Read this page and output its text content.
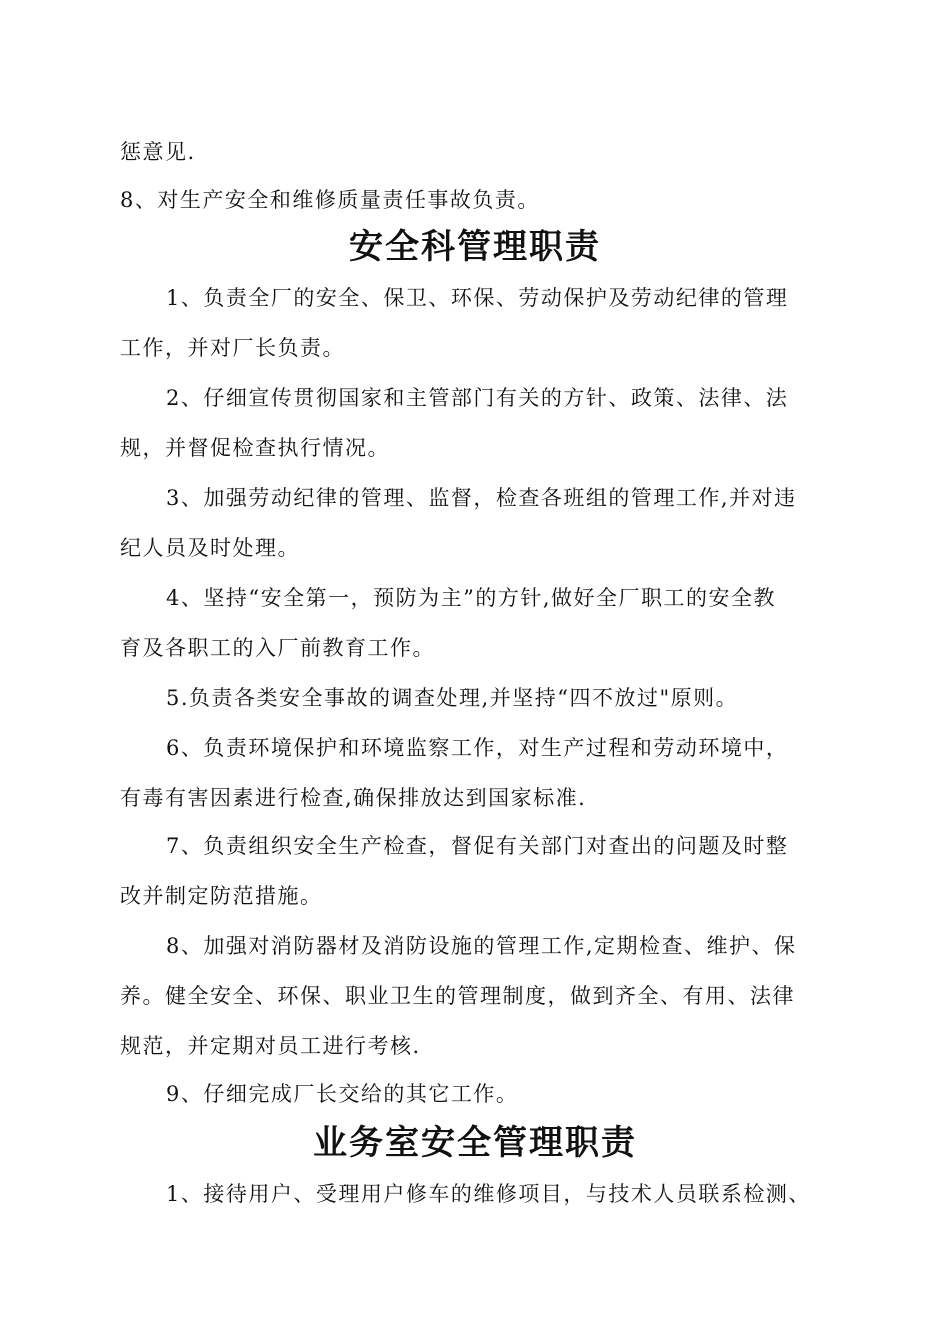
惩意见.
8、对生产安全和维修质量责任事故负责。
安全科管理职责
1、负责全厂的安全、保卫、环保、劳动保护及劳动纪律的管理
工作，并对厂长负责。
2、仔细宣传贯彻国家和主管部门有关的方针、政策、法律、法
规，并督促检查执行情况。
3、加强劳动纪律的管理、监督，检查各班组的管理工作,并对违
纪人员及时处理。
4、坚持“安全第一，预防为主”的方针,做好全厂职工的安全教
育及各职工的入厂前教育工作。
5.负责各类安全事故的调查处理,并坚持“四不放过"原则。
6、负责环境保护和环境监察工作，对生产过程和劳动环境中，
有毒有害因素进行检查,确保排放达到国家标准.
7、负责组织安全生产检查，督促有关部门对查出的问题及时整
改并制定防范措施。
8、加强对消防器材及消防设施的管理工作,定期检查、维护、保
养。健全安全、环保、职业卫生的管理制度，做到齐全、有用、法律
规范，并定期对员工进行考核.
9、仔细完成厂长交给的其它工作。
业务室安全管理职责
1、接待用户、受理用户修车的维修项目，与技术人员联系检测、
